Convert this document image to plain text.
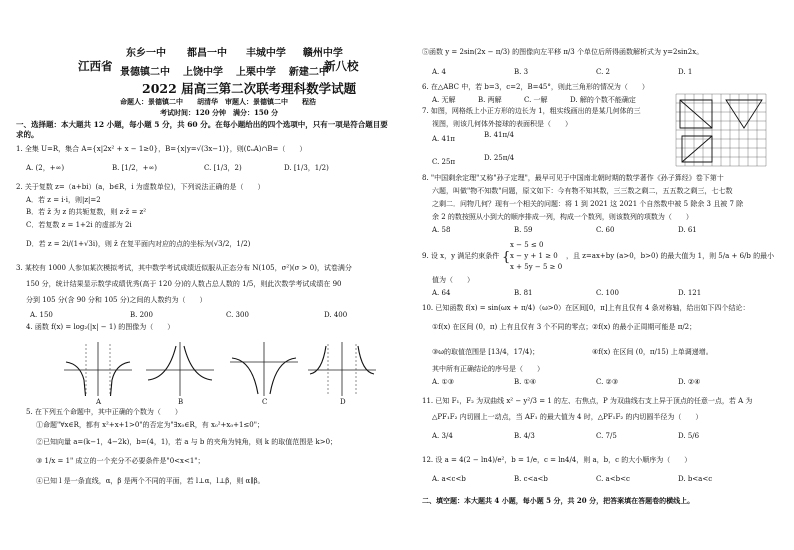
江西省
东乡一中 都昌一中 丰城中学 赣州中学
景德镇二中 上饶中学 上栗中学 新建二中
新八校
2022 届高三第二次联考理科数学试题
命题人：景德镇二中　　胡清华　审题人：景德镇二中　　程浩
考试时间：120 分钟　满分：150 分
一、选择题：本大题共 12 小题，每小题 5 分，共 60 分。在每小题给出的四个选项中，只有一项是符合题目要求的。
1. 全集 U=R，集合 A={x|2x² + x − 1≥0}，B={x|y=√(3x−1)}，则(∁ᵤA)∩B=（　　）
A. (2，+∞)	B. [1/2，+∞)	C. [1/3，2)	D. [1/3，1/2)
2. 关于复数 z=（a+bi）(a，b∈R，i 为虚数单位)，下列说法正确的是（　　）
A．若 z = i·i，则|z|=2
B．若 z̄ 为 z 的共轭复数，则 z·z̄ = z²
C．若复数 z = 1+2i 的虚部为 2i
D．若 z = 2i/(1+√3i)，则 z̄ 在复平面内对应的点的坐标为(√3/2，1/2)
3. 某校有 1000 人参加某次模拟考试，其中数学考试成绩近似服从正态分布 N(105，σ²)(σ > 0)，试卷满分
150 分，统计结果显示数学成绩优秀(高于 120 分)的人数占总人数的 1/5，则此次数学考试成绩在 90
分到 105 分(含 90 分和 105 分)之间的人数约为（　　）
A. 150	B. 200	C. 300	D. 400
4. 函数 f(x) = log₂(|x| − 1) 的图像为（　　）
A	B	C	D
5. 在下列五个命题中，其中正确的个数为（　　）
①命题"∀x∈R，都有 x²+x+1>0"的否定为"∃x₀∈R，有 x₀²+x₀+1≤0"；
②已知向量 a=(k−1，4−2k)，b=(4，1)，若 a 与 b 的夹角为钝角，则 k 的取值范围是 k>0；
③ 1/x = 1" 成立的一个充分不必要条件是"0<x<1"；
④已知 l 是一条直线，α，β 是两个不同的平面，若 l⊥α，l⊥β，则 α∥β。
⑤函数 y = 2sin(2x − π/3) 的图像向左平移 π/3 个单位后所得函数解析式为 y=2sin2x。
A. 4	B. 3	C. 2	D. 1
6. 在△ABC 中，若 b=3，c=2，B=45°，则此三角形的情况为（　　）
A. 无解	B. 两解	C. 一解	D. 解的个数不能确定
7. 如图，网格纸上小正方形的边长为 1，粗实线画出的是某几何体的三
视图，则该几何体外接球的表面积是（　　）
A. 41π	B. 41π/4
C. 25π	D. 25π/4
8. "中国剩余定理"又称"孙子定理"，最早可见于中国南北朝时期的数学著作《孙子算经》卷下第十
六题，叫做"物不知数"问题，原文如下：今有物不知其数，三三数之剩二，五五数之剩三，七七数
之剩二．问物几何？现有一个相关的问题：将 1 到 2021 这 2021 个自然数中被 5 除余 3 且被 7 除
余 2 的数按照从小到大的顺序排成一列，构成一个数列，则该数列的项数为（　　）
A. 58	B. 59	C. 60	D. 61
9. 设 x，y 满足约束条件 {
x − 5 ≤ 0
x − y + 1 ≥ 0
x + 5y − 5 ≥ 0
，且 z=ax+by (a>0，b>0) 的最大值为 1，则 5/a + 6/b 的最小
值为（　　）
A. 64	B. 81	C. 100	D. 121
10. 已知函数 f(x) = sin(ωx + π/4)（ω>0）在区间[0，π]上有且仅有 4 条对称轴，给出如下四个结论：
①f(x) 在区间 (0，π) 上有且仅有 3 个不同的零点； ②f(x) 的最小正周期可能是 π/2；
③ω的取值范围是 [13/4，17/4)；	④f(x) 在区间 (0，π/15) 上单调递增。
其中所有正确结论的序号是（　　）
A. ①③	B. ①④	C. ②③	D. ②④
11. 已知 F₁，F₂ 为双曲线 x² − y²/3 = 1 的左、右焦点，P 为双曲线右支上异于顶点的任意一点，若 A 为
△PF₁F₂ 内切圆上一动点，当 AF₁ 的最大值为 4 时，△PF₁F₂ 的内切圆半径为（　　）
A. 3/4	B. 4/3	C. 7/5	D. 5/6
12. 设 a = 4(2 − ln4)/e²，b = 1/e，c = ln4/4，则 a，b，c 的大小顺序为（　　）
A. a<c<b	B. c<a<b	C. a<b<c	D. b<a<c
二、填空题：本大题共 4 小题，每小题 5 分，共 20 分，把答案填在答题卷的横线上。
